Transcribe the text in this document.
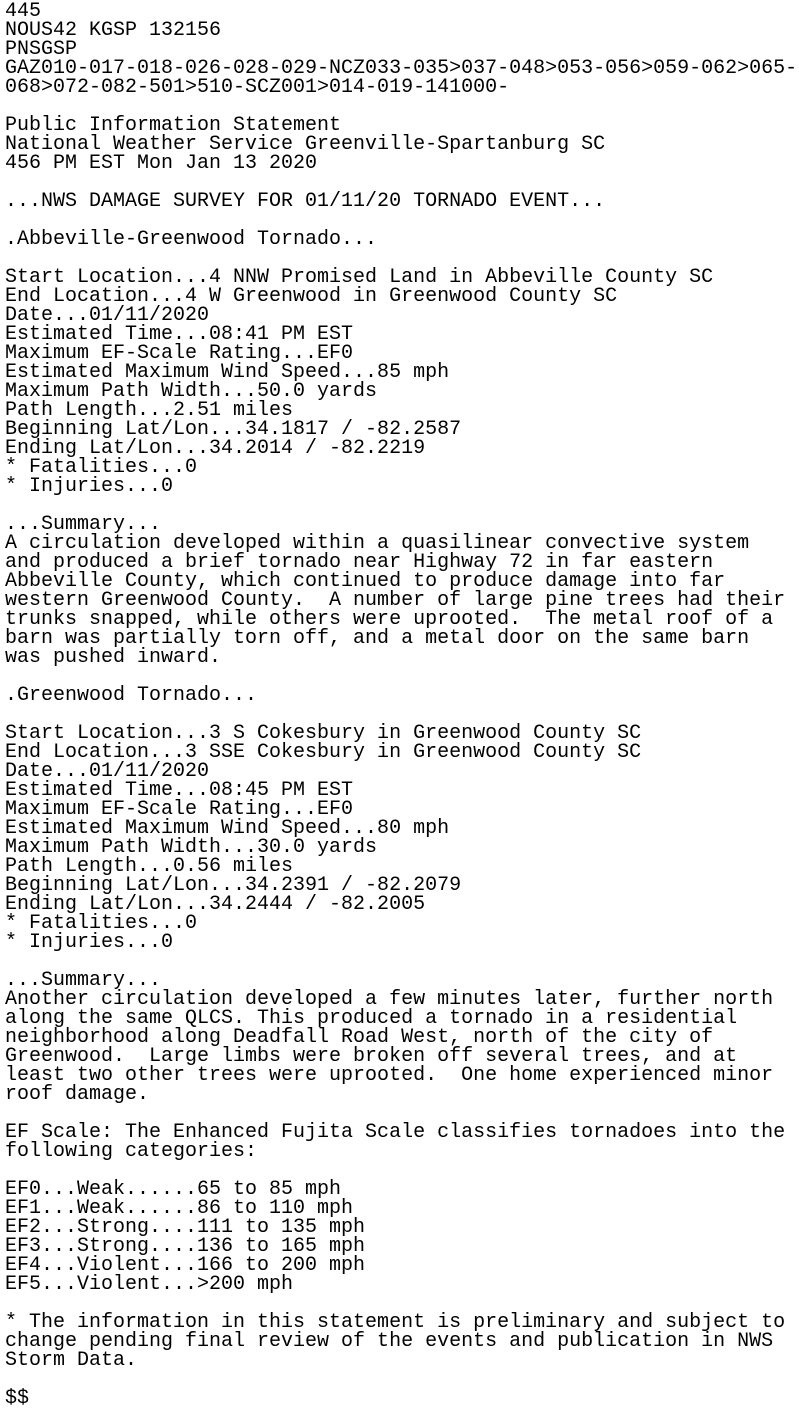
445
NOUS42 KGSP 132156
PNSGSP
GAZ010-017-018-026-028-029-NCZ033-035>037-048>053-056>059-062>065-
068>072-082-501>510-SCZ001>014-019-141000-
Public Information Statement
National Weather Service Greenville-Spartanburg SC
456 PM EST Mon Jan 13 2020
...NWS DAMAGE SURVEY FOR 01/11/20 TORNADO EVENT...
.Abbeville-Greenwood Tornado...
Start Location...4 NNW Promised Land in Abbeville County SC
End Location...4 W Greenwood in Greenwood County SC
Date...01/11/2020
Estimated Time...08:41 PM EST
Maximum EF-Scale Rating...EF0
Estimated Maximum Wind Speed...85 mph
Maximum Path Width...50.0 yards
Path Length...2.51 miles
Beginning Lat/Lon...34.1817 / -82.2587
Ending Lat/Lon...34.2014 / -82.2219
* Fatalities...0
* Injuries...0
...Summary...
A circulation developed within a quasilinear convective system
and produced a brief tornado near Highway 72 in far eastern
Abbeville County, which continued to produce damage into far
western Greenwood County.  A number of large pine trees had their
trunks snapped, while others were uprooted.  The metal roof of a
barn was partially torn off, and a metal door on the same barn
was pushed inward.
.Greenwood Tornado...
Start Location...3 S Cokesbury in Greenwood County SC
End Location...3 SSE Cokesbury in Greenwood County SC
Date...01/11/2020
Estimated Time...08:45 PM EST
Maximum EF-Scale Rating...EF0
Estimated Maximum Wind Speed...80 mph
Maximum Path Width...30.0 yards
Path Length...0.56 miles
Beginning Lat/Lon...34.2391 / -82.2079
Ending Lat/Lon...34.2444 / -82.2005
* Fatalities...0
* Injuries...0
...Summary...
Another circulation developed a few minutes later, further north
along the same QLCS. This produced a tornado in a residential
neighborhood along Deadfall Road West, north of the city of
Greenwood.  Large limbs were broken off several trees, and at
least two other trees were uprooted.  One home experienced minor
roof damage.
EF Scale: The Enhanced Fujita Scale classifies tornadoes into the
following categories:
EF0...Weak......65 to 85 mph
EF1...Weak......86 to 110 mph
EF2...Strong....111 to 135 mph
EF3...Strong....136 to 165 mph
EF4...Violent...166 to 200 mph
EF5...Violent...>200 mph
* The information in this statement is preliminary and subject to
change pending final review of the events and publication in NWS
Storm Data.
$$
